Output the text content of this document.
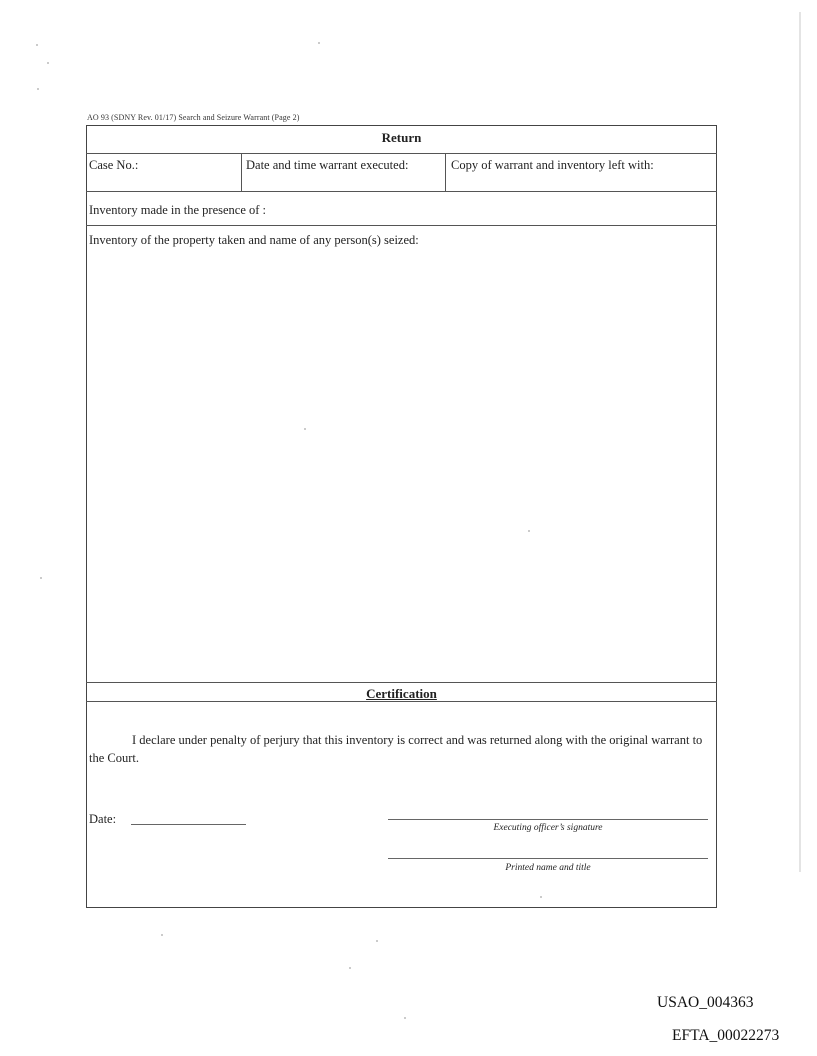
AO 93 (SDNY Rev. 01/17) Search and Seizure Warrant (Page 2)
Return
Case No.:	Date and time warrant executed:	Copy of warrant and inventory left with:
Inventory made in the presence of :
Inventory of the property taken and name of any person(s) seized:
Certification
I declare under penalty of perjury that this inventory is correct and was returned along with the original warrant to the Court.
Date:
Executing officer’s signature
Printed name and title
USAO_004363
EFTA_00022273
